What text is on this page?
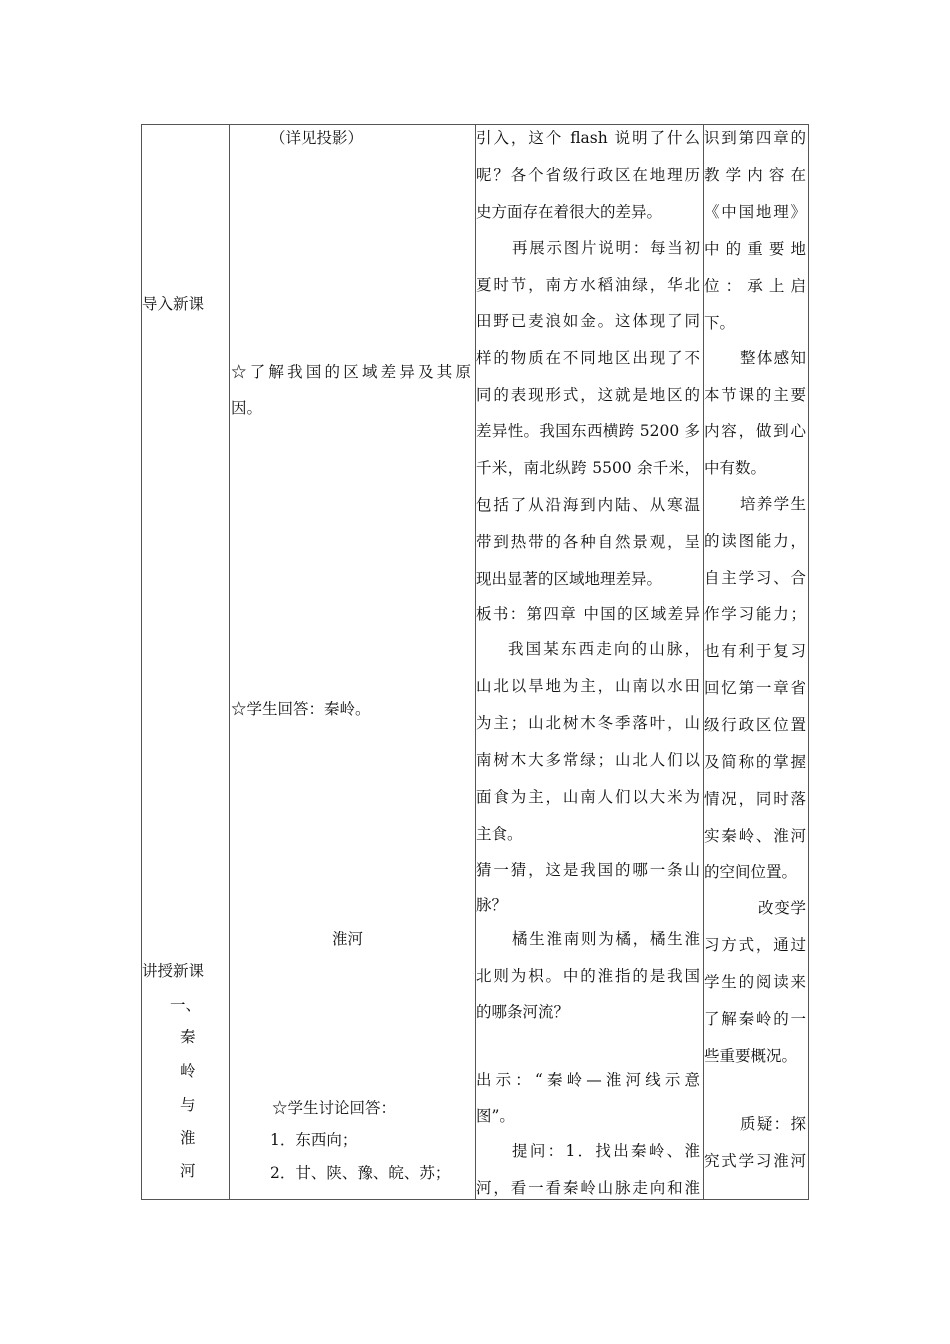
导入新课
讲授新课
一、
秦
岭
与
淮
河
（详见投影）
☆了解我国的区域差异及其原
因。
☆学生回答：秦岭。
淮河
☆学生讨论回答：
1．东西向；
2．甘、陕、豫、皖、苏；
引入，这个 flash 说明了什么
呢？各个省级行政区在地理历
史方面存在着很大的差异。
再展示图片说明：每当初
夏时节，南方水稻油绿，华北
田野已麦浪如金。这体现了同
样的物质在不同地区出现了不
同的表现形式，这就是地区的
差异性。我国东西横跨 5200 多
千米，南北纵跨 5500 余千米，
包括了从沿海到内陆、从寒温
带到热带的各种自然景观，呈
现出显著的区域地理差异。
板书：第四章 中国的区域差异
我国某东西走向的山脉，
山北以旱地为主，山南以水田
为主；山北树木冬季落叶，山
南树木大多常绿；山北人们以
面食为主，山南人们以大米为
主食。
猜一猜，这是我国的哪一条山
脉？
橘生淮南则为橘，橘生淮
北则为枳。中的淮指的是我国
的哪条河流？
出示：“秦岭—淮河线示意
图”。
提问：1．找出秦岭、淮
河，看一看秦岭山脉走向和淮
识到第四章的
教 学 内 容 在
《中国地理》
中 的 重 要 地
位 ： 承 上 启
下。
整体感知
本节课的主要
内容，做到心
中有数。
培养学生
的读图能力，
自主学习、合
作学习能力；
也有利于复习
回忆第一章省
级行政区位置
及简称的掌握
情况，同时落
实秦岭、淮河
的空间位置。
改变学
习方式，通过
学生的阅读来
了解秦岭的一
些重要概况。
质疑：探
究式学习淮河
